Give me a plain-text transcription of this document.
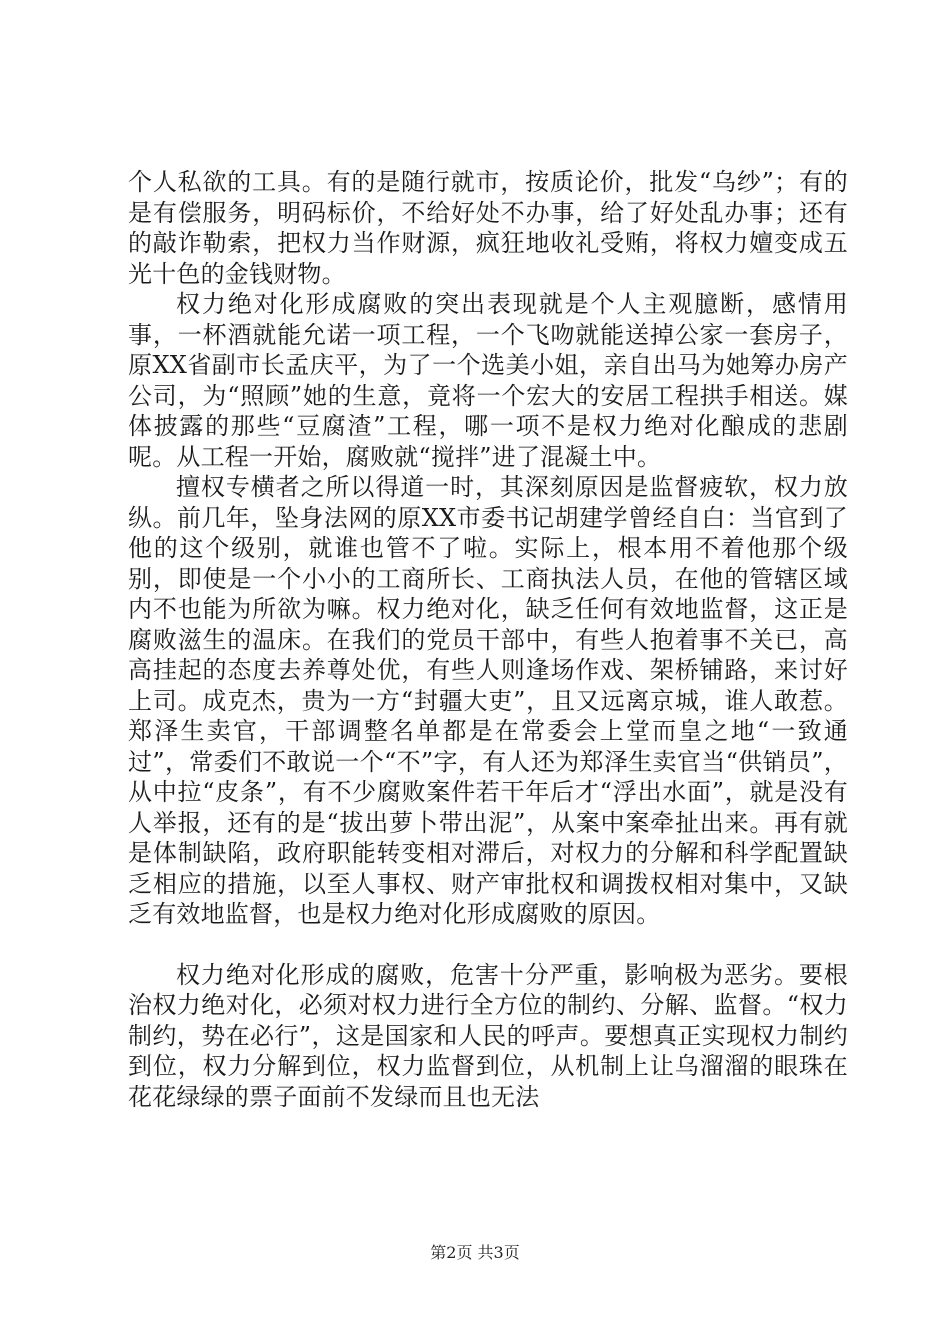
个人私欲的工具。有的是随行就市，按质论价，批发“乌纱”；有的是有偿服务，明码标价，不给好处不办事，给了好处乱办事；还有的敲诈勒索，把权力当作财源，疯狂地收礼受贿，将权力嬗变成五光十色的金钱财物。

权力绝对化形成腐败的突出表现就是个人主观臆断，感情用事，一杯酒就能允诺一项工程，一个飞吻就能送掉公家一套房子，原XX省副市长孟庆平，为了一个选美小姐，亲自出马为她筹办房产公司，为“照顾”她的生意，竟将一个宏大的安居工程拱手相送。媒体披露的那些“豆腐渣”工程，哪一项不是权力绝对化酿成的悲剧呢。从工程一开始，腐败就“搅拌”进了混凝土中。

擅权专横者之所以得道一时，其深刻原因是监督疲软，权力放纵。前几年，坠身法网的原XX市委书记胡建学曾经自白：当官到了他的这个级别，就谁也管不了啦。实际上，根本用不着他那个级别，即使是一个小小的工商所长、工商执法人员，在他的管辖区域内不也能为所欲为嘛。权力绝对化，缺乏任何有效地监督，这正是腐败滋生的温床。在我们的党员干部中，有些人抱着事不关已，高高挂起的态度去养尊处优，有些人则逢场作戏、架桥铺路，来讨好上司。成克杰，贵为一方“封疆大吏”，且又远离京城，谁人敢惹。郑泽生卖官，干部调整名单都是在常委会上堂而皇之地“一致通过”，常委们不敢说一个“不”字，有人还为郑泽生卖官当“供销员”，从中拉“皮条”，有不少腐败案件若干年后才“浮出水面”，就是没有人举报，还有的是“拔出萝卜带出泥”，从案中案牵扯出来。再有就是体制缺陷，政府职能转变相对滞后，对权力的分解和科学配置缺乏相应的措施，以至人事权、财产审批权和调拨权相对集中，又缺乏有效地监督，也是权力绝对化形成腐败的原因。

权力绝对化形成的腐败，危害十分严重，影响极为恶劣。要根治权力绝对化，必须对权力进行全方位的制约、分解、监督。“权力制约，势在必行”，这是国家和人民的呼声。要想真正实现权力制约到位，权力分解到位，权力监督到位，从机制上让乌溜溜的眼珠在花花绿绿的票子面前不发绿而且也无法

第2页 共3页
